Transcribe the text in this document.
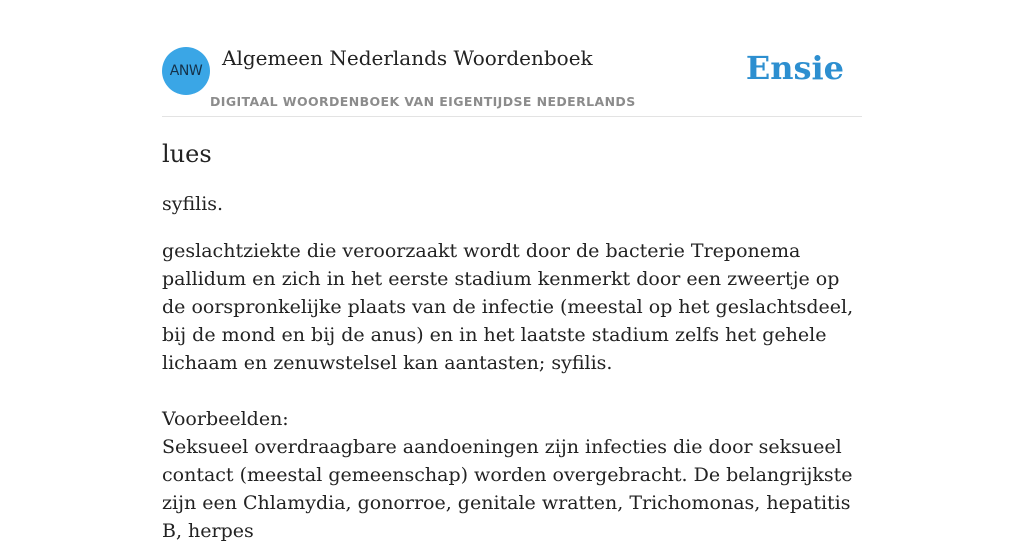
ANW
Algemeen Nederlands Woordenboek
DIGITAAL WOORDENBOEK VAN EIGENTIJDSE NEDERLANDS
Ensie
lues

syfilis.

geslachtziekte die veroorzaakt wordt door de bacterie Treponema pallidum en zich in het eerste stadium kenmerkt door een zweertje op de oorspronkelijke plaats van de infectie (meestal op het geslachtsdeel, bij de mond en bij de anus) en in het laatste stadium zelfs het gehele lichaam en zenuwstelsel kan aantasten; syfilis.

Voorbeelden:

Seksueel overdraagbare aandoeningen zijn infecties die door seksueel contact (meestal gemeenschap) worden overgebracht. De belangrijkste zijn een Chlamydia, gonorroe, genitale wratten, Trichomonas, hepatitis B, herpes
